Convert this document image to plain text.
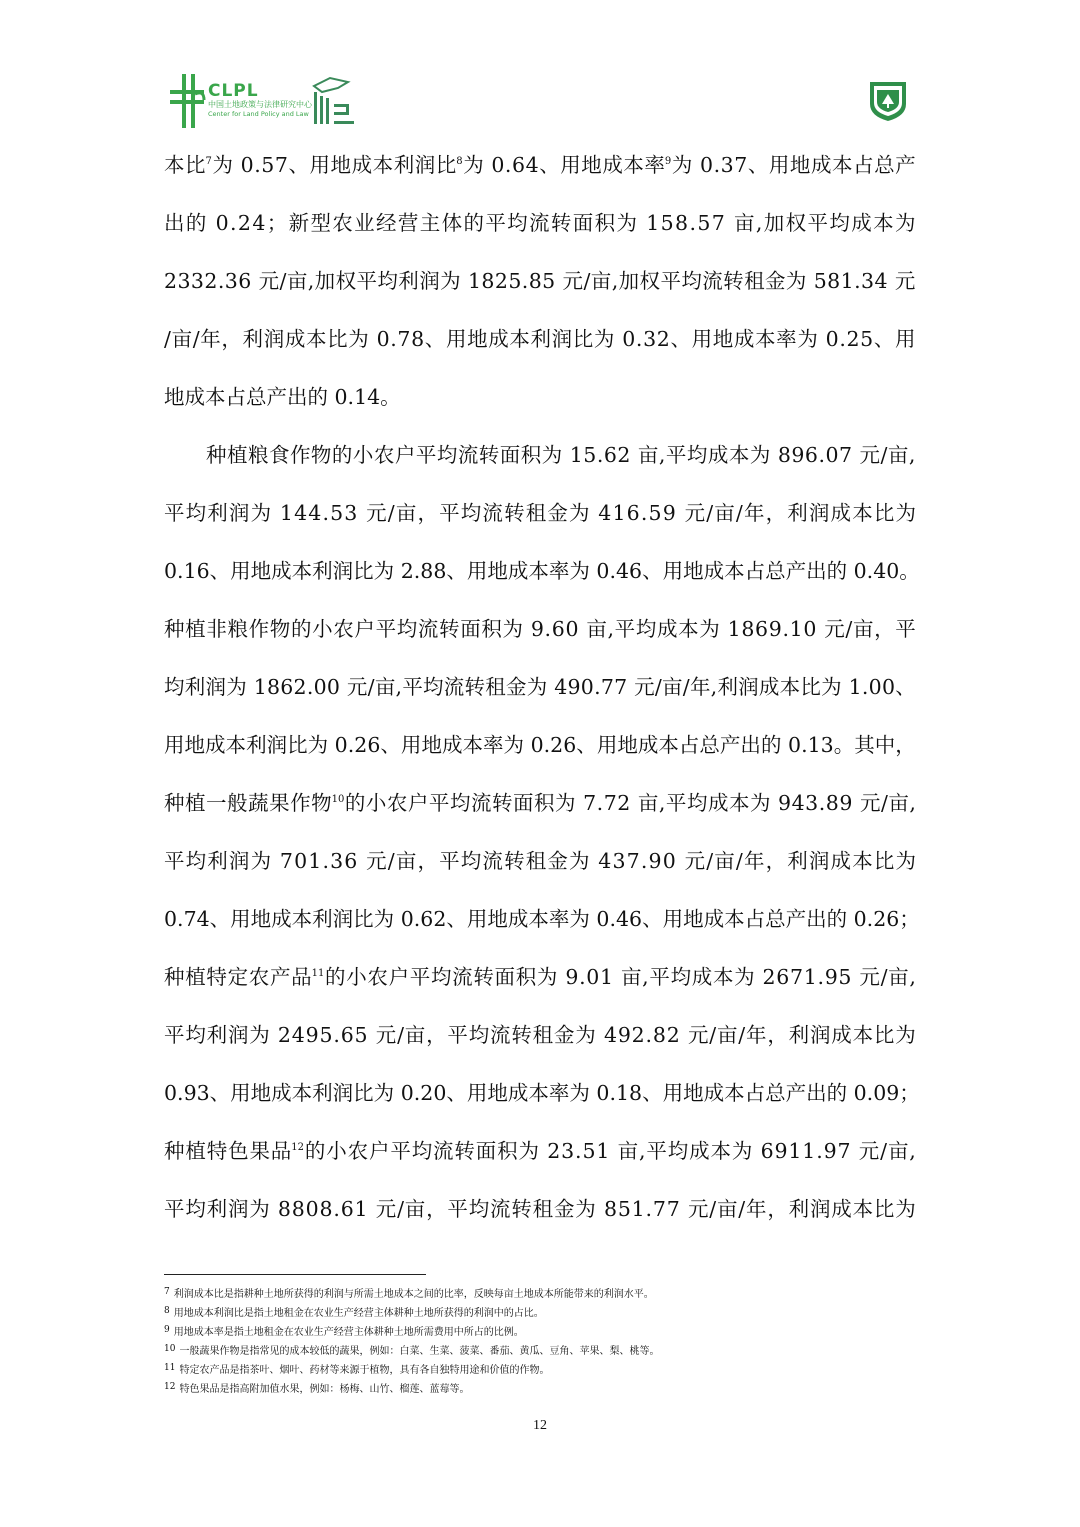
CLPL
中国土地政策与法律研究中心
Center for Land Policy and Law
本 比$^7$ 为
0 . 5 7 、 用 地 成 本 利 润 比$^8$ 为
0 . 6 4 、 用 地 成 本 率$^9$ 为
0 . 3 7 、 用 地 成 本 占 总 产
出 的
0 . 2 4 ； 新 型 农 业 经 营 主 体 的 平 均 流 转 面 积 为
1 5 8 . 5 7
亩 , 加 权 平 均 成 本 为
2 3 3 2 . 3 6
元 / 亩 , 加 权 平 均 利 润 为
1 8 2 5 . 8 5
元 / 亩 , 加 权 平 均 流 转 租 金 为
5 8 1 . 3 4
元
/ 亩 / 年 ， 利 润 成 本 比 为
0 . 7 8 、 用 地 成 本 利 润 比 为
0 . 3 2 、 用 地 成 本 率 为
0 . 2 5 、 用
地成本占总产出的 0.14。
种 植 粮 食 作 物 的 小 农 户 平 均 流 转 面 积 为
1 5 . 6 2
亩 , 平 均 成 本 为
8 9 6 . 0 7
元 / 亩 ,
平 均 利 润 为
1 4 4 . 5 3
元 / 亩 ， 平 均 流 转 租 金 为
4 1 6 . 5 9
元 / 亩 / 年 ， 利 润 成 本 比 为
0 . 1 6 、 用 地 成 本 利 润 比 为
2 . 8 8 、 用 地 成 本 率 为
0 . 4 6 、 用 地 成 本 占 总 产 出 的
0 . 4 0 。
种 植 非 粮 作 物 的 小 农 户 平 均 流 转 面 积 为
9 . 6 0
亩 , 平 均 成 本 为
1 8 6 9 . 1 0
元 / 亩 ， 平
均 利 润 为
1 8 6 2 . 0 0
元 / 亩 , 平 均 流 转 租 金 为
4 9 0 . 7 7
元 / 亩 / 年 , 利 润 成 本 比 为
1 . 0 0 、
用 地 成 本 利 润 比 为
0 . 2 6 、 用 地 成 本 率 为
0 . 2 6 、 用 地 成 本 占 总 产 出 的
0 . 1 3 。 其 中 ，
种 植 一 般 蔬 果 作 物$^{10}$ 的 小 农 户 平 均 流 转 面 积 为
7 . 7 2
亩 , 平 均 成 本 为
9 4 3 . 8 9
元 / 亩 ,
平 均 利 润 为
7 0 1 . 3 6
元 / 亩 ， 平 均 流 转 租 金 为
4 3 7 . 9 0
元 / 亩 / 年 ， 利 润 成 本 比 为
0 . 7 4 、 用 地 成 本 利 润 比 为
0 . 6 2 、 用 地 成 本 率 为
0 . 4 6 、 用 地 成 本 占 总 产 出 的
0 . 2 6 ；
种 植 特 定 农 产 品$^{11}$ 的 小 农 户 平 均 流 转 面 积 为
9 . 0 1
亩 , 平 均 成 本 为
2 6 7 1 . 9 5
元 / 亩 ,
平 均 利 润 为
2 4 9 5 . 6 5
元 / 亩 ， 平 均 流 转 租 金 为
4 9 2 . 8 2
元 / 亩 / 年 ， 利 润 成 本 比 为
0 . 9 3 、 用 地 成 本 利 润 比 为
0 . 2 0 、 用 地 成 本 率 为
0 . 1 8 、 用 地 成 本 占 总 产 出 的
0 . 0 9 ；
种 植 特 色 果 品$^{12}$ 的 小 农 户 平 均 流 转 面 积 为
2 3 . 5 1
亩 , 平 均 成 本 为
6 9 1 1 . 9 7
元 / 亩 ,
平 均 利 润 为
8 8 0 8 . 6 1
元 / 亩 ， 平 均 流 转 租 金 为
8 5 1 . 7 7
元 / 亩 / 年 ， 利 润 成 本 比 为
7 利润成本比是指耕种土地所获得的利润与所需土地成本之间的比率，反映每亩土地成本所能带来的利润水平。
8 用地成本利润比是指土地租金在农业生产经营主体耕种土地所获得的利润中的占比。
9 用地成本率是指土地租金在农业生产经营主体耕种土地所需费用中所占的比例。
10 一般蔬果作物是指常见的成本较低的蔬果，例如：白菜、生菜、菠菜、番茄、黄瓜、豆角、苹果、梨、桃等。
11 特定农产品是指茶叶、烟叶、药材等来源于植物，具有各自独特用途和价值的作物。
12 特色果品是指高附加值水果，例如：杨梅、山竹、榴莲、蓝莓等。
12
